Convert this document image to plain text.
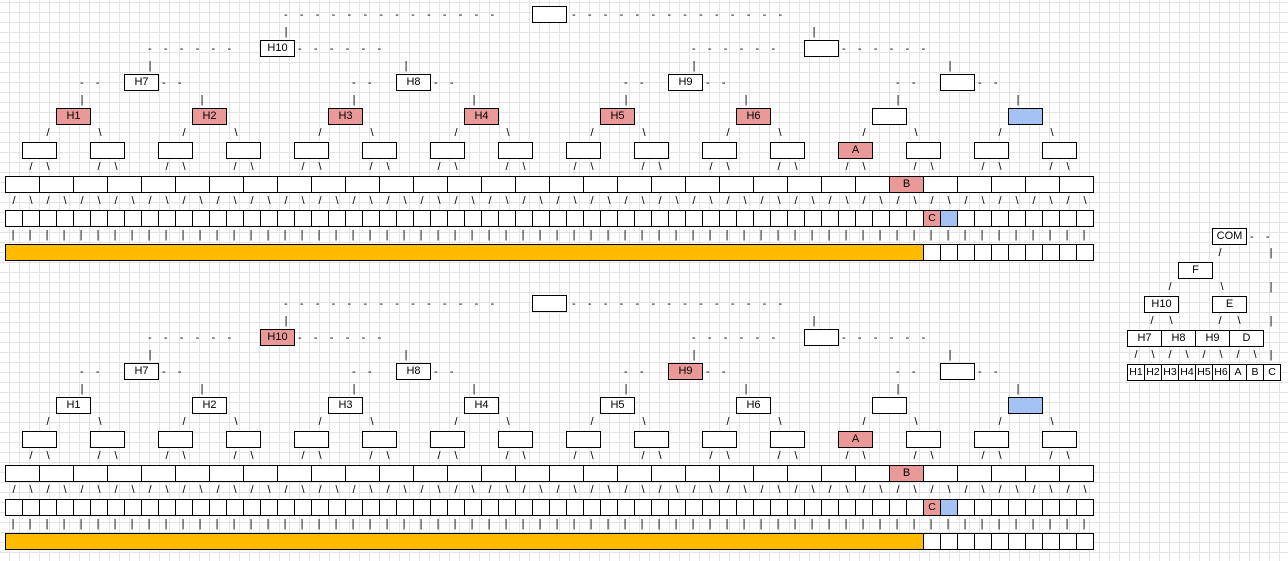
-    -    -    -    -    -    -    -    -    -    -    -    -    -	-    -    -    -    -    -    -    -    -    -    -    -    -    -
|	|
H10
-    -    -    -    -    -	-    -    -    -    -    -	-    -    -    -    -    -	-    -    -    -    -    -
|	|	|	|
H7	H8	H9
-    -	-    -	-    -	-    -	-    -	-    -	-    -	-    -
|	|	|	|	|	|	|	|
H1	H2	H3	H4	H5	H6
/	\	/	\	/	\	/	\	/	\	/	\	/	\	/	\
/	\	/	\	/	\	/	\	/	\	/	\	/	\	/	\	/	\	/	\	/	\	/	\
A
/	\	/	\	/	\	/	\
/	\	/	\	/	\	/	\	/	\	/	\	/	\	/	\	/	\	/	\	/	\	/	\	/	\	/	\	/	\	/	\	/	\	/	\	/	\	/	\	/	\	/	\	/	\	/	\	/	\	/	\
B
/	\	/	\	/	\	/	\	/	\	/	\
|	|	|	|	|	|	|	|	|	|	|	|	|	|	|	|	|	|	|	|	|	|	|	|	|	|	|	|	|	|	|	|	|	|	|	|	|	|	|	|	|	|	|	|	|	|	|	|	|	|	|	|	|	|
C
|	|	|	|	|	|	|	|	|	|
-    -    -    -    -    -    -    -    -    -    -    -    -    -	-    -    -    -    -    -    -    -    -    -    -    -    -    -
|	|
H10
-    -    -    -    -    -	-    -    -    -    -    -	-    -    -    -    -    -	-    -    -    -    -    -
|	|	|	|
H7	H8	H9
-    -	-    -	-    -	-    -	-    -	-    -	-    -	-    -
|	|	|	|	|	|	|	|
H1	H2	H3	H4	H5	H6
/	\	/	\	/	\	/	\	/	\	/	\	/	\	/	\
/	\	/	\	/	\	/	\	/	\	/	\	/	\	/	\	/	\	/	\	/	\	/	\
A
/	\	/	\	/	\	/	\
/	\	/	\	/	\	/	\	/	\	/	\	/	\	/	\	/	\	/	\	/	\	/	\	/	\	/	\	/	\	/	\	/	\	/	\	/	\	/	\	/	\	/	\	/	\	/	\	/	\	/	\
B
/	\	/	\	/	\	/	\	/	\	/	\
|	|	|	|	|	|	|	|	|	|	|	|	|	|	|	|	|	|	|	|	|	|	|	|	|	|	|	|	|	|	|	|	|	|	|	|	|	|	|	|	|	|	|	|	|	|	|	|	|	|	|	|	|	|
C
|	|	|	|	|	|	|	|	|	|
COM -    -
/	|
F
/	\	|
H10	E
/	\	/	\	|
H7	H8	H9	D
/	\	/	\	/	\	/	\	|
H1 H2 H3 H4 H5 H6 A B C
